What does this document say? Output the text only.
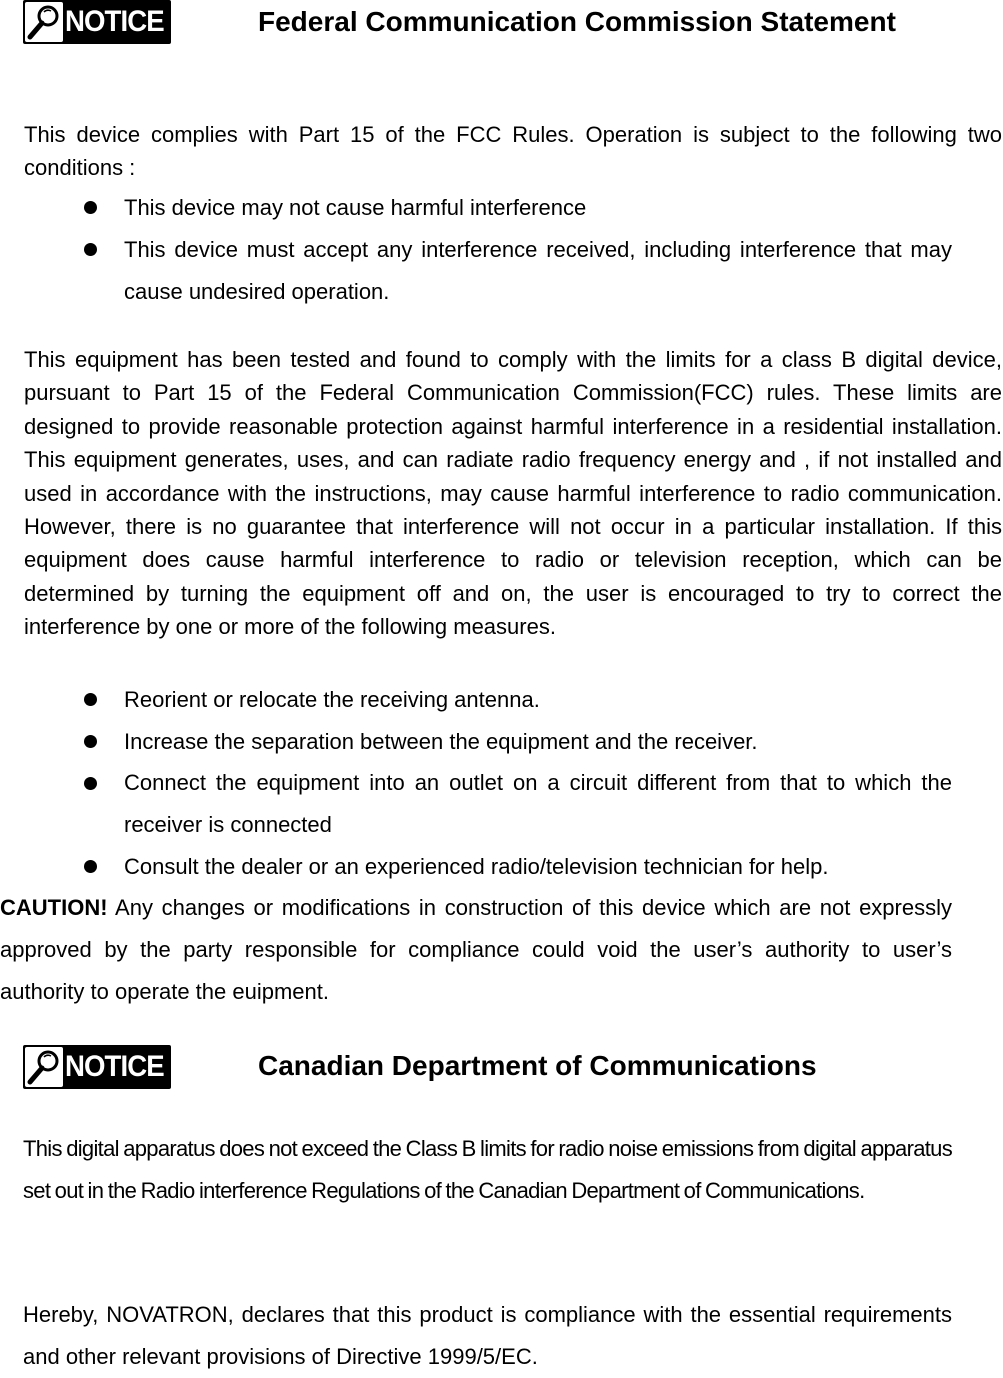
NOTICE	Federal Communication Commission Statement

This device complies with Part 15 of the FCC Rules. Operation is subject to the following two conditions :

This device may not cause harmful interference
This device must accept any interference received, including interference that may cause undesired operation.

This equipment has been tested and found to comply with the limits for a class B digital device, pursuant to Part 15 of the Federal Communication Commission(FCC) rules. These limits are designed to provide reasonable protection against harmful interference in a residential installation. This equipment generates, uses, and can radiate radio frequency energy and , if not installed and used in accordance with the instructions, may cause harmful interference to radio communication. However, there is no guarantee that interference will not occur in a particular installation. If this equipment does cause harmful interference to radio or television reception, which can be determined by turning the equipment off and on, the user is encouraged to try to correct the interference by one or more of the following measures.

Reorient or relocate the receiving antenna.
Increase the separation between the equipment and the receiver.
Connect the equipment into an outlet on a circuit different from that to which the receiver is connected
Consult the dealer or an experienced radio/television technician for help.

CAUTION! Any changes or modifications in construction of this device which are not expressly approved by the party responsible for compliance could void the user’s authority to user’s authority to operate the euipment.

NOTICE	Canadian Department of Communications

This digital apparatus does not exceed the Class B limits for radio noise emissions from digital apparatus set out in the Radio interference Regulations of the Canadian Department of Communications.

Hereby, NOVATRON, declares that this product is compliance with the essential requirements and other relevant provisions of Directive 1999/5/EC.
